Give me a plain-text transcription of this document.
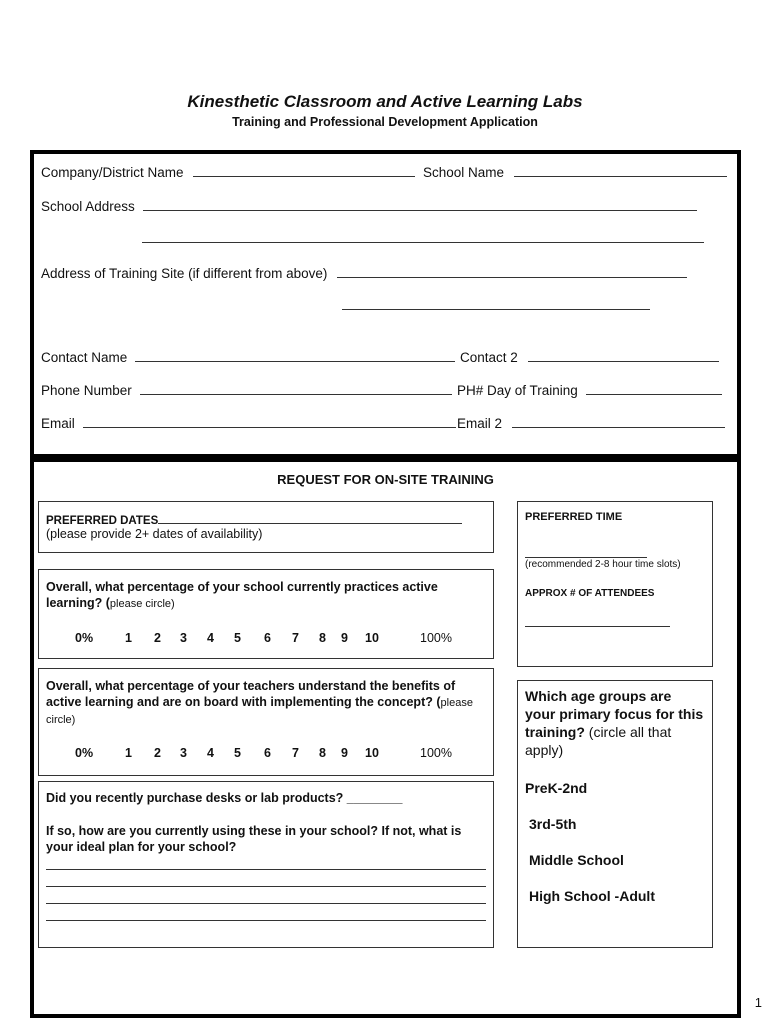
Kinesthetic Classroom and Active Learning Labs
Training and Professional Development Application
Company/District Name	School Name
School Address
Address of Training Site (if different from above)
Contact Name	Contact 2
Phone Number	PH# Day of Training
Email	Email 2
REQUEST FOR ON-SITE TRAINING
PREFERRED DATES
(please provide 2+ dates of availability)
Overall, what percentage of your school currently practices active learning? (please circle)
0%	1 2 3 4 5 6 7 8 9 10	100%
Overall, what percentage of your teachers understand the benefits of active learning and are on board with implementing the concept? (please circle)
0%	1 2 3 4 5 6 7 8 9 10	100%
Did you recently purchase desks or lab products? ________
If so, how are you currently using these in your school? If not, what is your ideal plan for your school?
PREFERRED TIME
(recommended 2-8 hour time slots)
APPROX # OF ATTENDEES
Which age groups are your primary focus for this training? (circle all that apply)
PreK-2nd
3rd-5th
Middle School
High School -Adult
1
